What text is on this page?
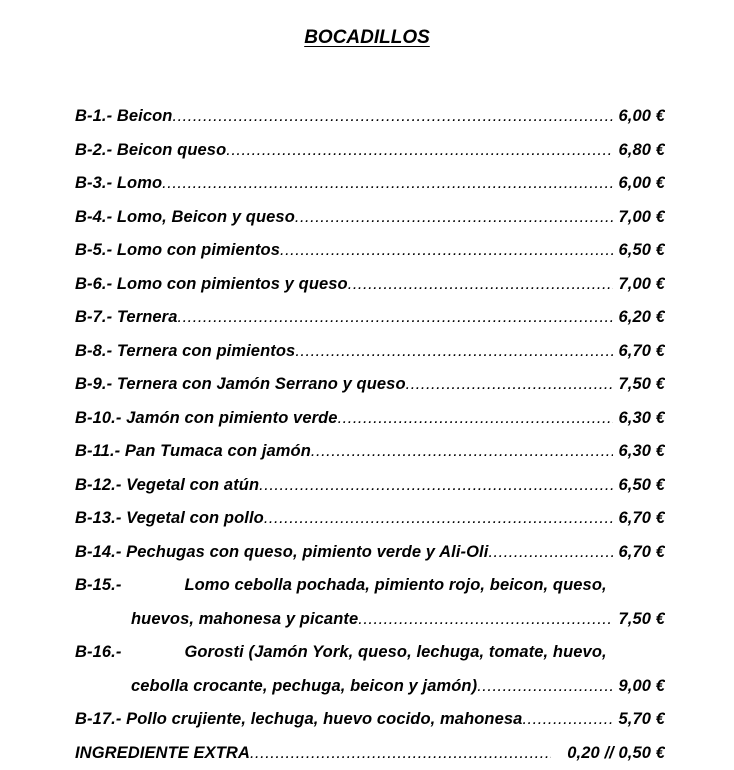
BOCADILLOS
B-1.-
Beicon .....	6,00 €
B-2.-
Beicon queso .....	6,80 €
B-3.-
Lomo .....	6,00 €
B-4.-
Lomo, Beicon y queso .....	7,00 €
B-5.-
Lomo con pimientos .....	6,50 €
B-6.-
Lomo con pimientos y queso .....	7,00 €
B-7.-
Ternera .....	6,20 €
B-8.-
Ternera con pimientos .....	6,70 €
B-9.-
Ternera con Jamón Serrano y queso .....	7,50 €
B-10.-
Jamón con pimiento verde .....	6,30 €
B-11.-
Pan Tumaca con jamón .....	6,30 €
B-12.-
Vegetal con atún .....	6,50 €
B-13.-
Vegetal con pollo .....	6,70 €
B-14.-
Pechugas con queso, pimiento verde y Ali-Oli .....	6,70 €
B-15.-
	Lomo cebolla pochada, pimiento rojo, beicon, queso,
huevos, mahonesa y picante .....	7,50 €
B-16.-
	Gorosti (Jamón York, queso, lechuga, tomate, huevo,
cebolla crocante, pechuga, beicon y jamón) .....	9,00 €
B-17.-
Pollo crujiente, lechuga, huevo cocido, mahonesa .....	5,70 €
INGREDIENTE EXTRA .....	0,20 // 0,50 €
